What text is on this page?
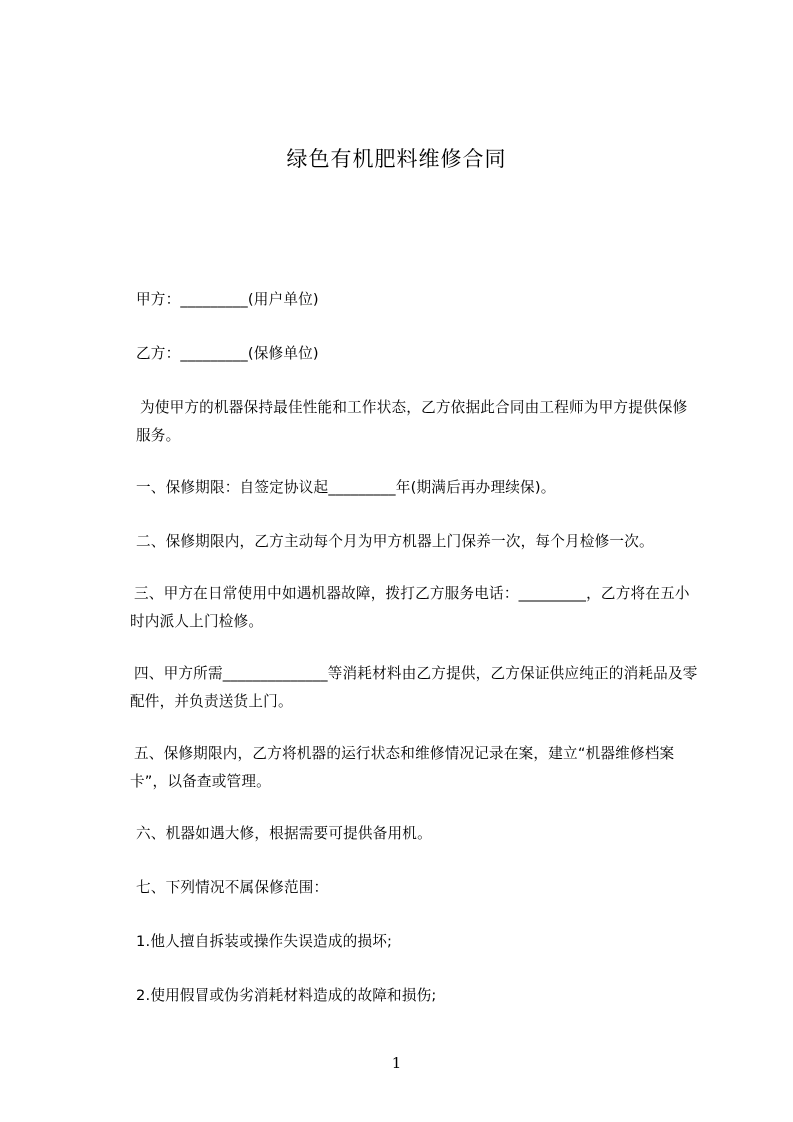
绿色有机肥料维修合同
甲方：_________(用户单位)
乙方：_________(保修单位)
为使甲方的机器保持最佳性能和工作状态，乙方依据此合同由工程师为甲方提供保修服务。
一、保修期限：自签定协议起_________年(期满后再办理续保)。
二、保修期限内，乙方主动每个月为甲方机器上门保养一次，每个月检修一次。
三、甲方在日常使用中如遇机器故障，拨打乙方服务电话：_________，乙方将在五小时内派人上门检修。
四、甲方所需______________等消耗材料由乙方提供，乙方保证供应纯正的消耗品及零配件，并负责送货上门。
五、保修期限内，乙方将机器的运行状态和维修情况记录在案，建立“机器维修档案卡”，以备查或管理。
六、机器如遇大修，根据需要可提供备用机。
七、下列情况不属保修范围：
1.他人擅自拆装或操作失误造成的损坏;
2.使用假冒或伪劣消耗材料造成的故障和损伤;
1
